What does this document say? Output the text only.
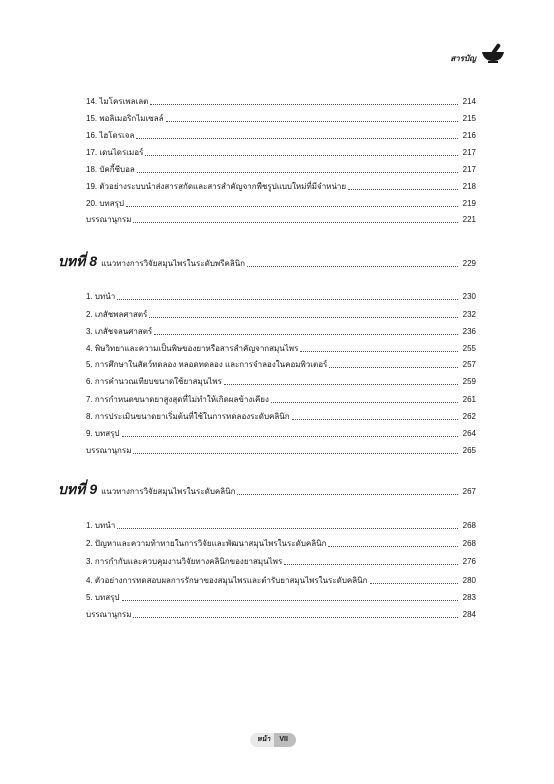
สารบัญ
14. ไมโครเพลเลต	214
15. พอลิเมอริกไมเซลล์	215
16. ไฮโดรเจล	216
17. เดนไดรเมอร์	217
18. บัคกี้ซีบอล	217
19. ตัวอย่างระบบนำส่งสารสกัดและสารสำคัญจากพืชรูปแบบใหม่ที่มีจำหน่าย	218
20. บทสรุป	219
บรรณานุกรม	221
บทที่ 8 แนวทางการวิจัยสมุนไพรในระดับพรีคลินิก	229
1. บทนำ	230
2. เภสัชพลศาสตร์	232
3. เภสัชจลนศาสตร์	236
4. พิษวิทยาและความเป็นพิษของยาหรือสารสำคัญจากสมุนไพร	255
5. การศึกษาในสัตว์ทดลอง หลอดทดลอง และการจำลองในคอมพิวเตอร์	257
6. การคำนวณเทียบขนาดใช้ยาสมุนไพร	259
7. การกำหนดขนาดยาสูงสุดที่ไม่ทำให้เกิดผลข้างเคียง	261
8. การประเมินขนาดยาเริ่มต้นที่ใช้ในการทดลองระดับคลินิก	262
9. บทสรุป	264
บรรณานุกรม	265
บทที่ 9 แนวทางการวิจัยสมุนไพรในระดับคลินิก	267
1. บทนำ	268
2. ปัญหาและความท้าทายในการวิจัยและพัฒนาสมุนไพรในระดับคลินิก	268
3. การกำกับและควบคุมงานวิจัยทางคลินิกของยาสมุนไพร	276
4. ตัวอย่างการทดสอบผลการรักษาของสมุนไพรและตำรับยาสมุนไพรในระดับคลินิก	280
5. บทสรุป	283
บรรณานุกรม	284
หน้า	VII
